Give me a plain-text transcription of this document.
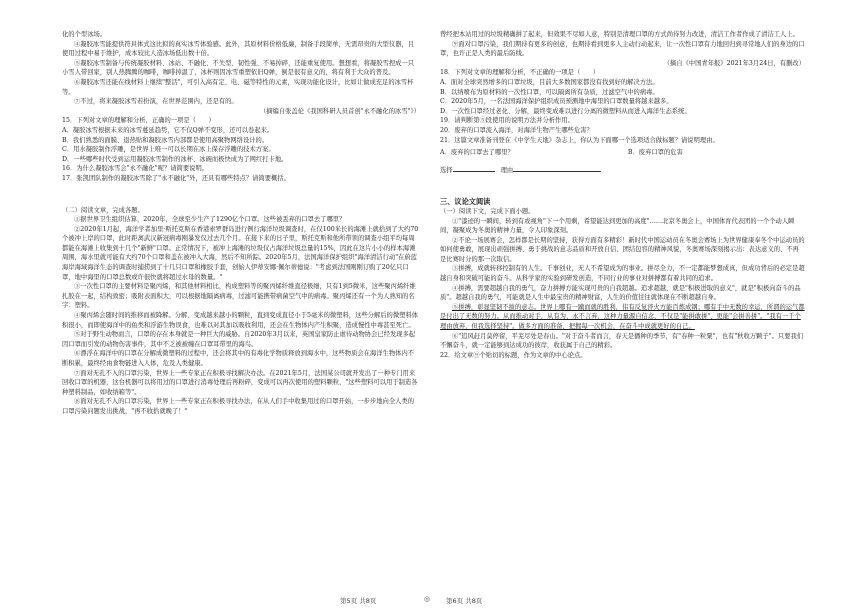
化的个型冰场。

④凝胶冰雪能提供符具体式这比拟的真实冰雪体验感。此外，其原材料价格低廉，制备手段简单，无需昂贵的大型仪器，且使用过程中易于维护，成本较比人造冰场低出数十倍。

⑤凝胶冰雪制备与传统凝胶材料、冰站、不融化、不失型、韧性强、不易掉碎，还能重复使用。想想看，将凝胶雪捏成一只小雪人带回家，别人热腾腾的咖啡，咖啡掉温了，冰杯则因冰雪重塑依旧Q弹，倒是很有意义的，将有利于大众的普及。

⑥凝胶冰雪还能在线材料上继续"整活"，可引入高有定、电、磁等特性的元素，实现功能化设计，比如让做成充足的冰雪杯等。

⑦不过，将来凝胶冰雪若扮演，在世界范围内，还是有的。

（摘编自张盖伦《我国科研人员首创"永不融化的冰雪"》）

15．下列对文章的理解和分析，正确的一项是（　　）

A．凝胶冰雪根据未来的冰雪蔓延趋势，它不仅Q弹不变形，还可以卷起来。

B．我们熟悉的面膜、退热贴和凝胶冰雪内部都是使用高聚物网络设计的。

C．用水凝胶制作浮雕，是世界上唯一可以长期在冰上保存浮雕的技术方案。

D．一些哪些时代受到运用凝胶冰雪制作的冰杯、冰碗而极快成为了网红打卡地。

16．为什么凝胶冰雪会"永不融化"呢？请简要说明。

17．张凯团队制作的凝胶冰雪除了"永不融化"外，还具有哪些特点？请简要概括。

（二）阅读文章，完成各题。

①据世界卫生组织估算，2020年，全球至少生产了1290亿个口罩。这些被丢弃的口罩去了哪里？

②2020年1月起，海洋学者加里·斯托克斯在香港索罗群岛进行例行海洋垃圾调查时，在仅100米长的海滩上就拾到了大约70个被冲上岸的口罩，此时距离武汉新冠病毒刚暴发仅过去几个月。在接下来的日子里，斯托克斯和他所带领的调查小组平均每周都能在海滩上收集到十几个"新鲜"口罩。正常情况下，被冲上海滩的垃圾仅占海洋垃圾总量的15%，因此在这片小小的样本海滩周围，海水里就可能有大约70个口罩和盖在被冲入大海，然后不知所踪。2020年5月，法国海洋保护组织"海洋清洁行动"在蔚蓝海岸海域海洋生态的调查时捕捞到了十几只口罩和橡胶手套，创始人伊蒂安娜·佩尔蒂德说："考虑到法国刚刚订购了20亿只口罩，地中海里的口罩总数或许很快就将超过水母的数量。"

③一次性口罩的主要材料是聚丙烯，和其他材料相比，构成塑料等的聚丙烯纤维直径极细，只有1到5微米，这些聚丙烯纤维扎胶在一起，结构致密；吸附表面积大，可以根据地隔离病毒，过滤可能携带病菌空气中的病毒。聚丙烯还有一个为人熟知的名字：塑料。

④聚丙烯会随时间的推移而被降解。分解、变成越来越小的颗粒，直到变成直径小于5毫米的微塑料，这些分解后的微塑料体积很小，而即使海洋中的鱼类和浮游生物误食，也难以对其加以吸收利用，还会在生物体内产生积聚，造成慢性中毒甚至死亡。

⑤对于野生动物而言，口罩的存在本身就是一种巨大的威胁。自2020年3月以来，英国皇家防止虐待动物协会已经发现多起因口罩而引发的动物伤害事件，其中不乏被被缠在口罩耳带里的海鸟。

⑥漂浮在海洋中的口罩在分解成微塑料的过程中，还会将其中的有毒化学物质释放到海水中，这些物质会在海洋生物体内不断积累，最终经由食物链进入人体，危及人类健康。

⑦面对无孔不入的口罩污染，世界上一些专家正在积极寻找解决办法。在2021年5月，法国某公司就开发出了一种专门用来回收口罩的机器，这台机器可以将用过的口罩进行消毒处理后再粉碎，变成可以再次使用的塑料颗粒，"这些塑料可以用于制造各种塑料制品，如收纳箱等"。

⑧面对无孔不入的口罩污染，世界上一些专家正在积极寻找办法，在从人们手中收集用过的口罩开始，一步步地向全人类的口罩污染问题发出挑战，"再不收拾就晚了！"

曾经把本站用过的垃圾精确拼了起来，但效果不尽如人意，特别是清理口罩的方式尚待努力改进，清洁工作者作成了清洁工人上。

⑨面对口罩污染，我们期待有更多的创意，也期待看到更多人主动行动起来，让一次性口罩有力地回归到寻常地人们的身边的口罩，也许正是人类的最后防线。

（摘自《中国青年报》2021年3月24日，有删改）

18．下列对文章的理解和分析，不正确的一项是（　　）

A．面对全球突然增多的口罩垃圾，目前大多数国家都没有找到好的解决方法。

B．以纳喷布为原材料的一次性口罩，可以隔离所有杂质，过滤空气中的病毒。

C．2020年5月，一名法国海洋保护组织成员预测地中海里的口罩数量将越来越多。

D．一次性口罩经过老化、分解，最终变成难以进行分离的微塑料从而进入海洋生态系统。

19．请判断第⑤段使用的说明方法并分析作用。

20．废弃的口罩流入海洋，对海洋生物产生哪些危害？

21．这篇文章准备刊登在《中学生天地》杂志上，你认为下面哪一个选项适合做标题？请说明理由。

A．废弃的口罩去了哪里？	B．废弃口罩的危害

选择	理由

三、议论文阅读

（一）阅读下文，完成下面小题。

①"漆迹的一瞬间，转到有或视角"下一个用剩，希望能达到更加的高度"……北京冬奥会上，中国体育代表团的一个个动人瞬间，凝聚成为冬奥的精神力量，令人印象深刻。

②不论一场展赛会，怎样都是长期的坚持，获得方面有多精彩！新时代中国运动员在冬奥会赛场上为世界健康奉冬个中运动员的如何使勇敢，展现出顽强拼搏、勇于挑战的意志品质和开放自信、团结包容的精神风貌，冬奥赛场深刻揭示出：表达意义的、不再是比赛时分的那一次取信。

③拼搏，成就转移控制有的人生。千事创业，无人不希望成为的事业。拼尽全力，不一定都能梦想成真，但成功背后的必定是超越自身和突破可能的奋斗。从科学家的实验到研发创造，不同行业的事业对拼搏都有着共同的追求。

④拼搏，需要超越自我的勇气，奋力拼搏方能实现可贵的自我超越。追求超越，就是"积极进取的意义"，就是"积极向奋斗的品质"。超越自我的勇气，可能就是人生中最宝贵的精神财富，人生的价值往往就体现在不断超越自身。

⑤拼搏，彰显坚韧不拔的意志。世界上哪有一蹴而就的胜利，伟有反复淬火方能百炼成钢；哪有手中无数的幸运，所谓的运气都是付出了无数的努力。从而推动对手，从有为、永不言弃，这种力量源自信念，不仅是"能拼敢拼"、更能"会拼善拼"。"我有一千个理由放弃，但我选择坚持"。做多方面的准备，把握每一次机会，在奋斗中成就更好的自己。

⑥"追风赶月莫停留，平芜尽处是春山。"对于奋斗者而言，春天是播种的季节，有"春种一粒粟"，也有"秋收万颗子"。只要我们不懈奋斗，就一定能够到达成功的彼岸，收获属于自己的精彩。

22．给文章⑨个贴切的标题，作为文章的中心论点。

第5页 共8页	◎ 第6页 共8页
